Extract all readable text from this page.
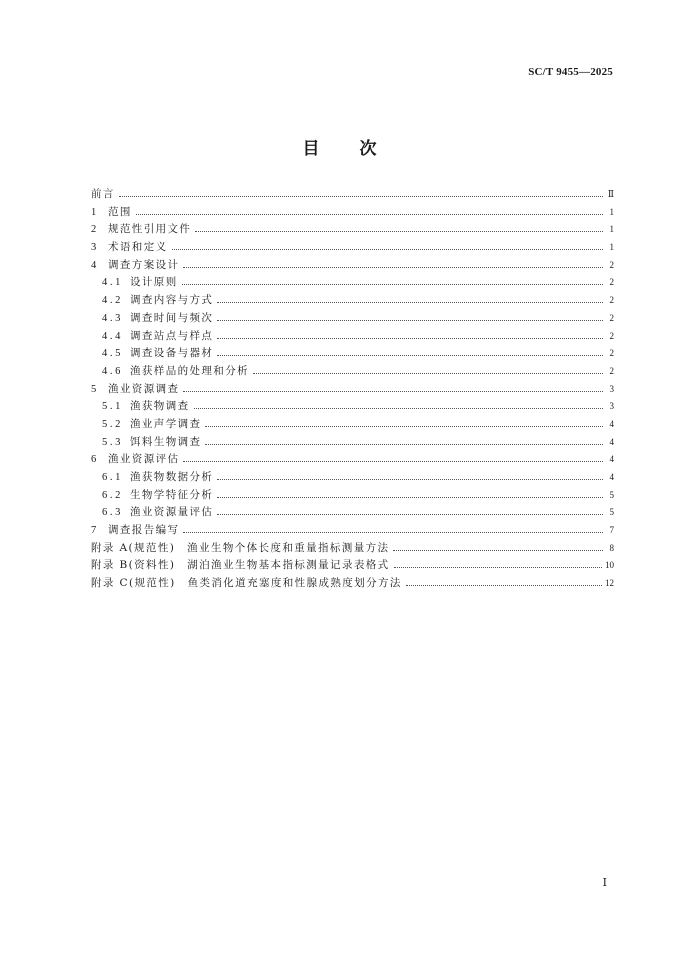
SC/T 9455—2025
目 次
前言	Ⅱ
1 范围	1
2 规范性引用文件	1
3 术语和定义	1
4 调查方案设计	2
4.1 设计原则	2
4.2 调查内容与方式	2
4.3 调查时间与频次	2
4.4 调查站点与样点	2
4.5 调查设备与器材	2
4.6 渔获样品的处理和分析	2
5 渔业资源调查	3
5.1 渔获物调查	3
5.2 渔业声学调查	4
5.3 饵料生物调查	4
6 渔业资源评估	4
6.1 渔获物数据分析	4
6.2 生物学特征分析	5
6.3 渔业资源量评估	5
7 调查报告编写	7
附录 A(规范性)　渔业生物个体长度和重量指标测量方法	8
附录 B(资料性)　湖泊渔业生物基本指标测量记录表格式	10
附录 C(规范性)　鱼类消化道充塞度和性腺成熟度划分方法	12
Ⅰ
